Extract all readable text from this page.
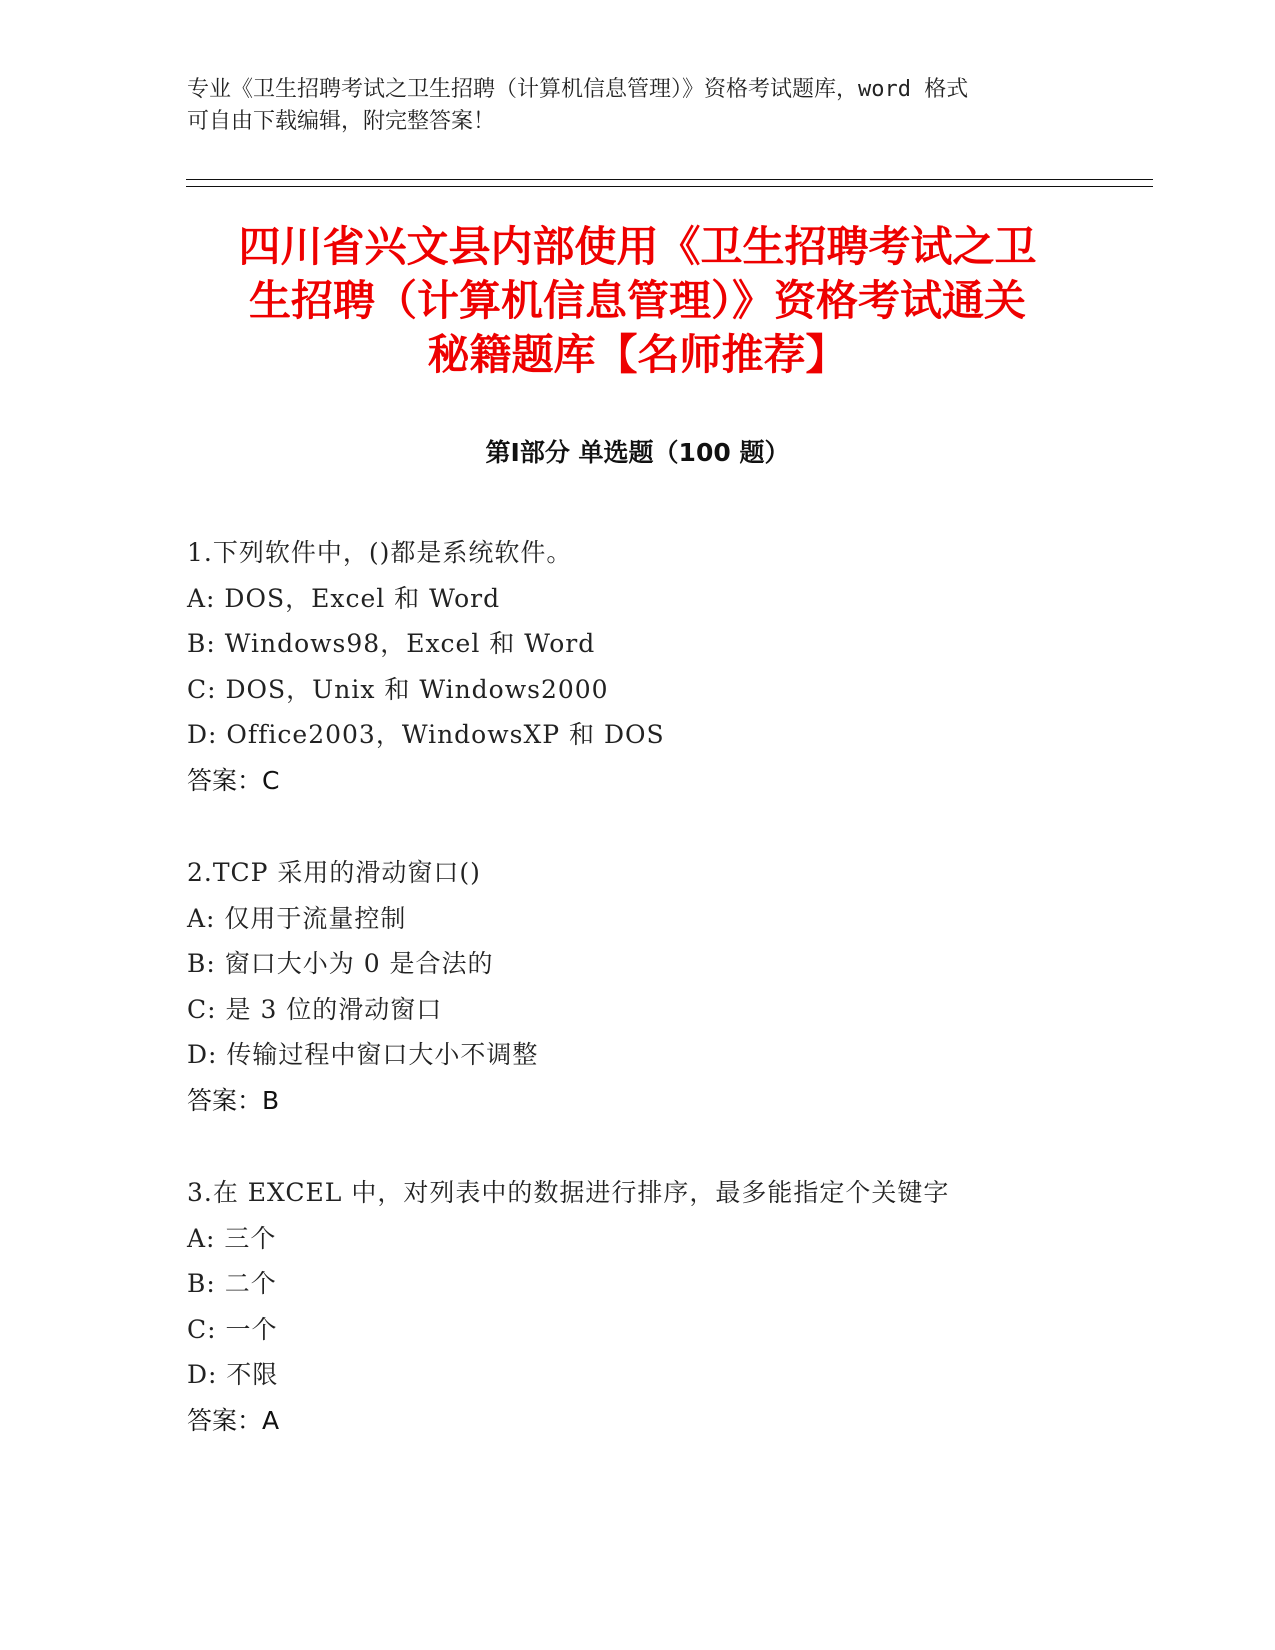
专业《卫生招聘考试之卫生招聘（计算机信息管理）》资格考试题库，word 格式
可自由下载编辑，附完整答案！
四川省兴文县内部使用《卫生招聘考试之卫
生招聘（计算机信息管理）》资格考试通关
秘籍题库【名师推荐】
第Ⅰ部分 单选题（100 题）
1.下列软件中，()都是系统软件。
A: DOS，Excel 和 Word
B: Windows98，Excel 和 Word
C: DOS，Unix 和 Windows2000
D: Office2003，WindowsXP 和 DOS
答案：C
2.TCP 采用的滑动窗口()
A: 仅用于流量控制
B: 窗口大小为 0 是合法的
C: 是 3 位的滑动窗口
D: 传输过程中窗口大小不调整
答案：B
3.在 EXCEL 中，对列表中的数据进行排序，最多能指定个关键字
A: 三个
B: 二个
C: 一个
D: 不限
答案：A
